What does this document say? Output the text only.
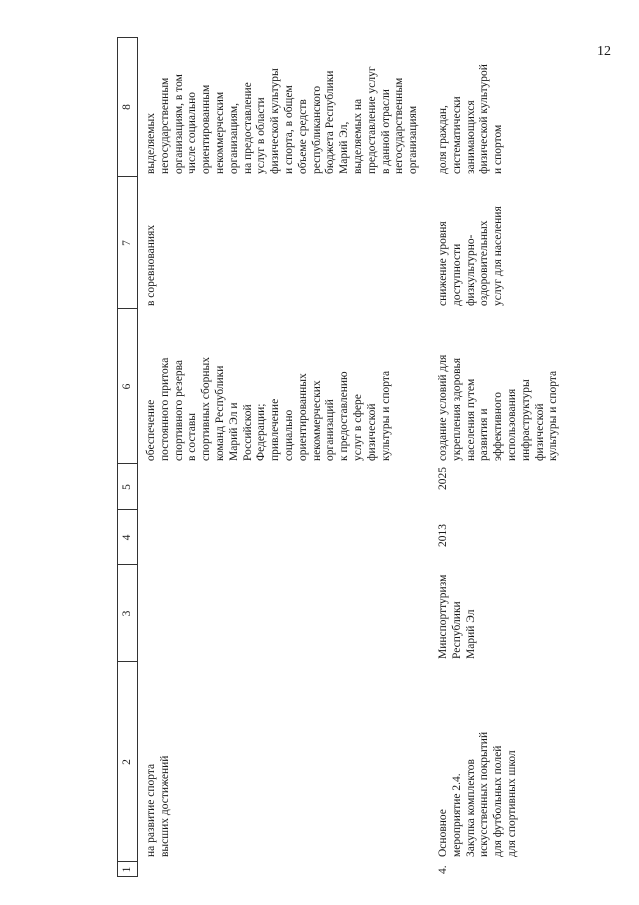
12
1
2
3
4
5
6
7
8
на развитие спорта
высших достижений
обеспечение
постоянного притока
спортивного резерва
в составы
спортивных сборных
команд Республики
Марий Эл и
Российской
Федерации;
привлечение
социально
ориентированных
некоммерческих
организаций
к предоставлению
услуг в сфере
физической
культуры и спорта
в соревнованиях
выделяемых
негосударственным
организациям, в том
числе социально
ориентированным
некоммерческим
организациям,
на предоставление
услуг в области
физической культуры
и спорта, в общем
объеме средств
республиканского
бюджета Республики
Марий Эл,
выделяемых на
предоставление услуг
в данной отрасли
негосударственным
организациям
4.
Основное
мероприятие 2.4.
Закупка комплектов
искусственных покрытий
для футбольных полей
для спортивных школ
Минспорттуризм
Республики
Марий Эл
2013
2025
создание условий для
укрепления здоровья
населения путем
развития и
эффективного
использования
инфраструктуры
физической
культуры и спорта
снижение уровня
доступности
физкультурно-
оздоровительных
услуг для населения
доля граждан,
систематически
занимающихся
физической культурой
и спортом
